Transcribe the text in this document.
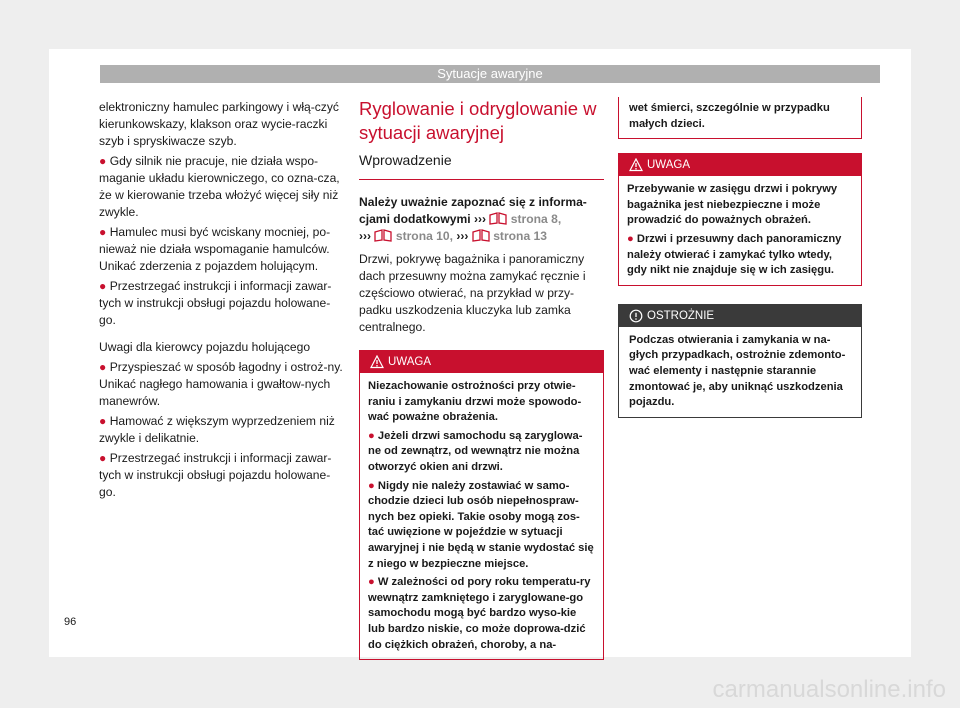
Sytuacje awaryjne

elektroniczny hamulec parkingowy i włą-czyć kierunkowskazy, klakson oraz wycie-raczki szyb i spryskiwacze szyb.

● Gdy silnik nie pracuje, nie działa wspo-maganie układu kierowniczego, co ozna-cza, że w kierowanie trzeba włożyć więcej siły niż zwykle.

● Hamulec musi być wciskany mocniej, po-nieważ nie działa wspomaganie hamulców. Unikać zderzenia z pojazdem holującym.

● Przestrzegać instrukcji i informacji zawar-tych w instrukcji obsługi pojazdu holowane-go.

Uwagi dla kierowcy pojazdu holującego

● Przyspieszać w sposób łagodny i ostroż-ny. Unikać nagłego hamowania i gwałtow-nych manewrów.

● Hamować z większym wyprzedzeniem niż zwykle i delikatnie.

● Przestrzegać instrukcji i informacji zawar-tych w instrukcji obsługi pojazdu holowane-go.

Ryglowanie i odryglowanie w sytuacji awaryjnej
Wprowadzenie

Należy uważnie zapoznać się z informa-cjami dodatkowymi ››› strona 8,
››› strona 10, ››› strona 13

Drzwi, pokrywę bagażnika i panoramiczny dach przesuwny można zamykać ręcznie i częściowo otwierać, na przykład w przy-padku uszkodzenia kluczyka lub zamka centralnego.

UWAGA

Niezachowanie ostrożności przy otwie-raniu i zamykaniu drzwi może spowodo-wać poważne obrażenia.

● Jeżeli drzwi samochodu są zaryglowa-ne od zewnątrz, od wewnątrz nie można otworzyć okien ani drzwi.

● Nigdy nie należy zostawiać w samo-chodzie dzieci lub osób niepełnospraw-nych bez opieki. Takie osoby mogą zos-tać uwięzione w pojeździe w sytuacji awaryjnej i nie będą w stanie wydostać się z niego w bezpieczne miejsce.

● W zależności od pory roku temperatu-ry wewnątrz zamkniętego i zaryglowane-go samochodu mogą być bardzo wyso-kie lub bardzo niskie, co może doprowa-dzić do ciężkich obrażeń, choroby, a na-

wet śmierci, szczególnie w przypadku małych dzieci.
UWAGA

Przebywanie w zasięgu drzwi i pokrywy bagażnika jest niebezpieczne i może prowadzić do poważnych obrażeń.

● Drzwi i przesuwny dach panoramiczny należy otwierać i zamykać tylko wtedy, gdy nikt nie znajduje się w ich zasięgu.

OSTROŻNIE

Podczas otwierania i zamykania w na-głych przypadkach, ostrożnie zdemonto-wać elementy i następnie starannie zmontować je, aby uniknąć uszkodzenia pojazdu.

96
carmanualsonline.info
